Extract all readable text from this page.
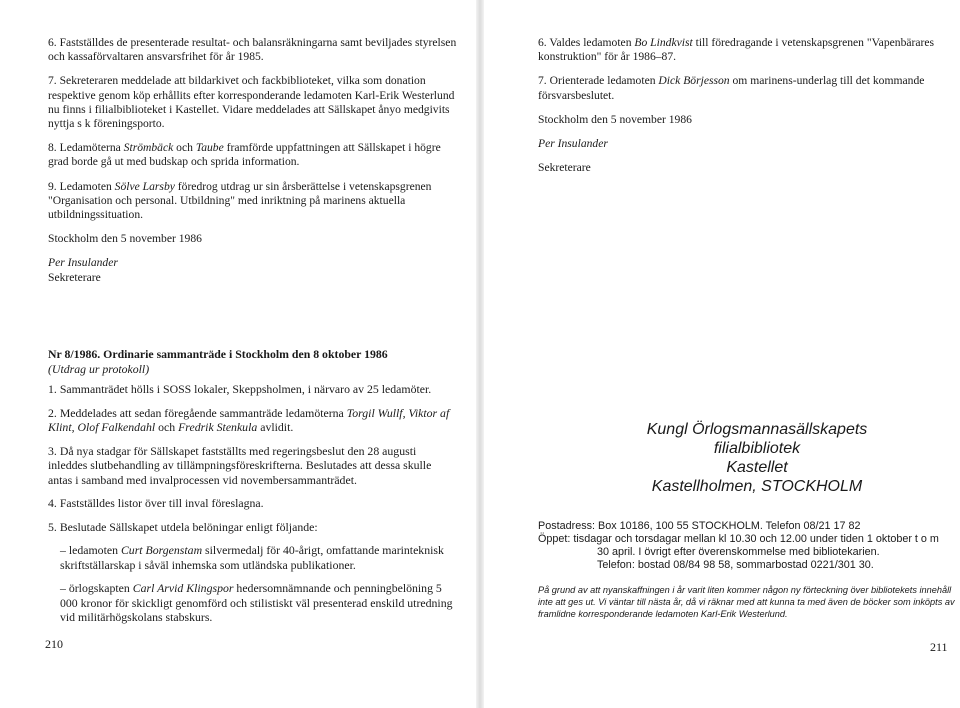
6. Fastställdes de presenterade resultat- och balansräkningarna samt beviljades styrelsen och kassaförvaltaren ansvarsfrihet för år 1985.
7. Sekreteraren meddelade att bildarkivet och fackbiblioteket, vilka som donation respektive genom köp erhållits efter korresponderande ledamoten Karl-Erik Westerlund nu finns i filialbiblioteket i Kastellet. Vidare meddelades att Sällskapet ånyo medgivits nyttja s k föreningsporto.
8. Ledamöterna Strömbäck och Taube framförde uppfattningen att Sällskapet i högre grad borde gå ut med budskap och sprida information.
9. Ledamoten Sölve Larsby föredrog utdrag ur sin årsberättelse i vetenskapsgrenen "Organisation och personal. Utbildning" med inriktning på marinens aktuella utbildningssituation.
Stockholm den 5 november 1986
Per Insulander
Sekreterare
Nr 8/1986. Ordinarie sammanträde i Stockholm den 8 oktober 1986
(Utdrag ur protokoll)
1. Sammanträdet hölls i SOSS lokaler, Skeppsholmen, i närvaro av 25 ledamöter.
2. Meddelades att sedan föregående sammanträde ledamöterna Torgil Wullf, Viktor af Klint, Olof Falkendahl och Fredrik Stenkula avlidit.
3. Då nya stadgar för Sällskapet fastställts med regeringsbeslut den 28 augusti inleddes slutbehandling av tillämpningsföreskrifterna. Beslutades att dessa skulle antas i samband med invalprocessen vid novembersammanträdet.
4. Fastställdes listor över till inval föreslagna.
5. Beslutade Sällskapet utdela belöningar enligt följande:
– ledamoten Curt Borgenstam silvermedalj för 40-årigt, omfattande marinteknisk skriftställarskap i såväl inhemska som utländska publikationer.
– örlogskapten Carl Arvid Klingspor hedersomnämnande och penningbelöning 5 000 kronor för skickligt genomförd och stilistiskt väl presenterad enskild utredning vid militärhögskolans stabskurs.
210
6. Valdes ledamoten Bo Lindkvist till föredragande i vetenskapsgrenen "Vapenbärares konstruktion" för år 1986–87.
7. Orienterade ledamoten Dick Börjesson om marinens-underlag till det kommande försvarsbeslutet.
Stockholm den 5 november 1986
Per Insulander
Sekreterare
Kungl Örlogsmannasällskapets
filialbibliotek
Kastellet
Kastellholmen, STOCKHOLM
Postadress: Box 10186, 100 55 STOCKHOLM. Telefon 08/21 17 82
Öppet: tisdagar och torsdagar mellan kl 10.30 och 12.00 under tiden 1 oktober t o m
30 april. I övrigt efter överenskommelse med bibliotekarien.
Telefon: bostad 08/84 98 58, sommarbostad 0221/301 30.
På grund av att nyanskaffningen i år varit liten kommer någon ny förteckning över bibliotekets innehåll inte att ges ut. Vi väntar till nästa år, då vi räknar med att kunna ta med även de böcker som inköpts av framlidne korresponderande ledamoten Karl-Erik Westerlund.
211
